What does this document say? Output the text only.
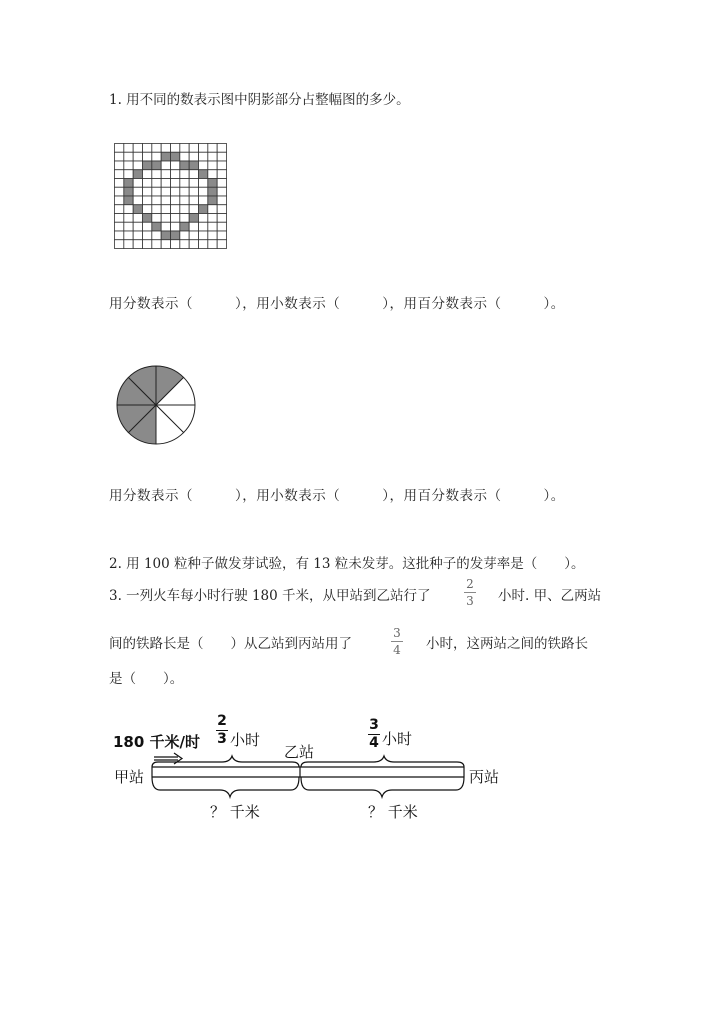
1. 用不同的数表示图中阴影部分占整幅图的多少。
用分数表示（　　　），用小数表示（　　　），用百分数表示（　　　）。
用分数表示（　　　），用小数表示（　　　），用百分数表示（　　　）。
2. 用 100 粒种子做发芽试验，有 13 粒未发芽。这批种子的发芽率是（　　）。
3. 一列火车每小时行驶 180 千米，从甲站到乙站行了
2
3	小时. 甲、乙两站
间的铁路长是（　　）从乙站到丙站用了
3
4	小时，这两站之间的铁路长
是（　　）。
180 千米/时
2
3 小时
3
4 小时
乙站
甲站	丙站
？ 千米	？ 千米
